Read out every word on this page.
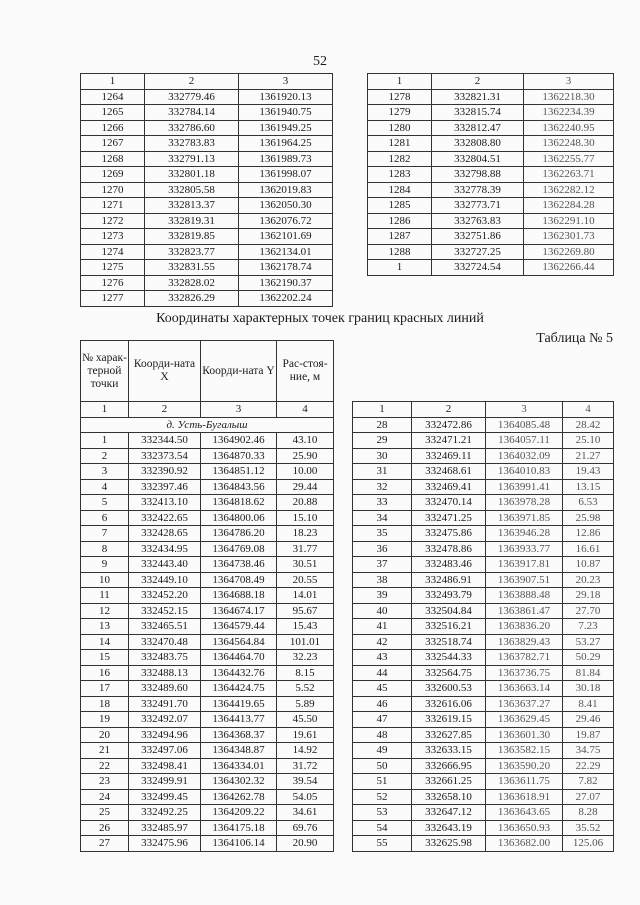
52
1	2	3
1264	332779.46	1361920.13
1265	332784.14	1361940.75
1266	332786.60	1361949.25
1267	332783.83	1361964.25
1268	332791.13	1361989.73
1269	332801.18	1361998.07
1270	332805.58	1362019.83
1271	332813.37	1362050.30
1272	332819.31	1362076.72
1273	332819.85	1362101.69
1274	332823.77	1362134.01
1275	332831.55	1362178.74
1276	332828.02	1362190.37
1277	332826.29	1362202.24
1	2	3
1278	332821.31	1362218.30
1279	332815.74	1362234.39
1280	332812.47	1362240.95
1281	332808.80	1362248.30
1282	332804.51	1362255.77
1283	332798.88	1362263.71
1284	332778.39	1362282.12
1285	332773.71	1362284.28
1286	332763.83	1362291.10
1287	332751.86	1362301.73
1288	332727.25	1362269.80
1	332724.54	1362266.44
Координаты характерных точек границ красных линий
Таблица № 5
№ харак-терной точки	Коорди-ната X	Коорди-ната Y	Рас-стоя-ние, м
1	2	3	4
д. Усть-Бугалыш			
1	332344.50	1364902.46	43.10
2	332373.54	1364870.33	25.90
3	332390.92	1364851.12	10.00
4	332397.46	1364843.56	29.44
5	332413.10	1364818.62	20.88
6	332422.65	1364800.06	15.10
7	332428.65	1364786.20	18.23
8	332434.95	1364769.08	31.77
9	332443.40	1364738.46	30.51
10	332449.10	1364708.49	20.55
11	332452.20	1364688.18	14.01
12	332452.15	1364674.17	95.67
13	332465.51	1364579.44	15.43
14	332470.48	1364564.84	101.01
15	332483.75	1364464.70	32.23
16	332488.13	1364432.76	8.15
17	332489.60	1364424.75	5.52
18	332491.70	1364419.65	5.89
19	332492.07	1364413.77	45.50
20	332494.96	1364368.37	19.61
21	332497.06	1364348.87	14.92
22	332498.41	1364334.01	31.72
23	332499.91	1364302.32	39.54
24	332499.45	1364262.78	54.05
25	332492.25	1364209.22	34.61
26	332485.97	1364175.18	69.76
27	332475.96	1364106.14	20.90
1	2	3	4
28	332472.86	1364085.48	28.42
29	332471.21	1364057.11	25.10
30	332469.11	1364032.09	21.27
31	332468.61	1364010.83	19.43
32	332469.41	1363991.41	13.15
33	332470.14	1363978.28	6.53
34	332471.25	1363971.85	25.98
35	332475.86	1363946.28	12.86
36	332478.86	1363933.77	16.61
37	332483.46	1363917.81	10.87
38	332486.91	1363907.51	20.23
39	332493.79	1363888.48	29.18
40	332504.84	1363861.47	27.70
41	332516.21	1363836.20	7.23
42	332518.74	1363829.43	53.27
43	332544.33	1363782.71	50.29
44	332564.75	1363736.75	81.84
45	332600.53	1363663.14	30.18
46	332616.06	1363637.27	8.41
47	332619.15	1363629.45	29.46
48	332627.85	1363601.30	19.87
49	332633.15	1363582.15	34.75
50	332666.95	1363590.20	22.29
51	332661.25	1363611.75	7.82
52	332658.10	1363618.91	27.07
53	332647.12	1363643.65	8.28
54	332643.19	1363650.93	35.52
55	332625.98	1363682.00	125.06
